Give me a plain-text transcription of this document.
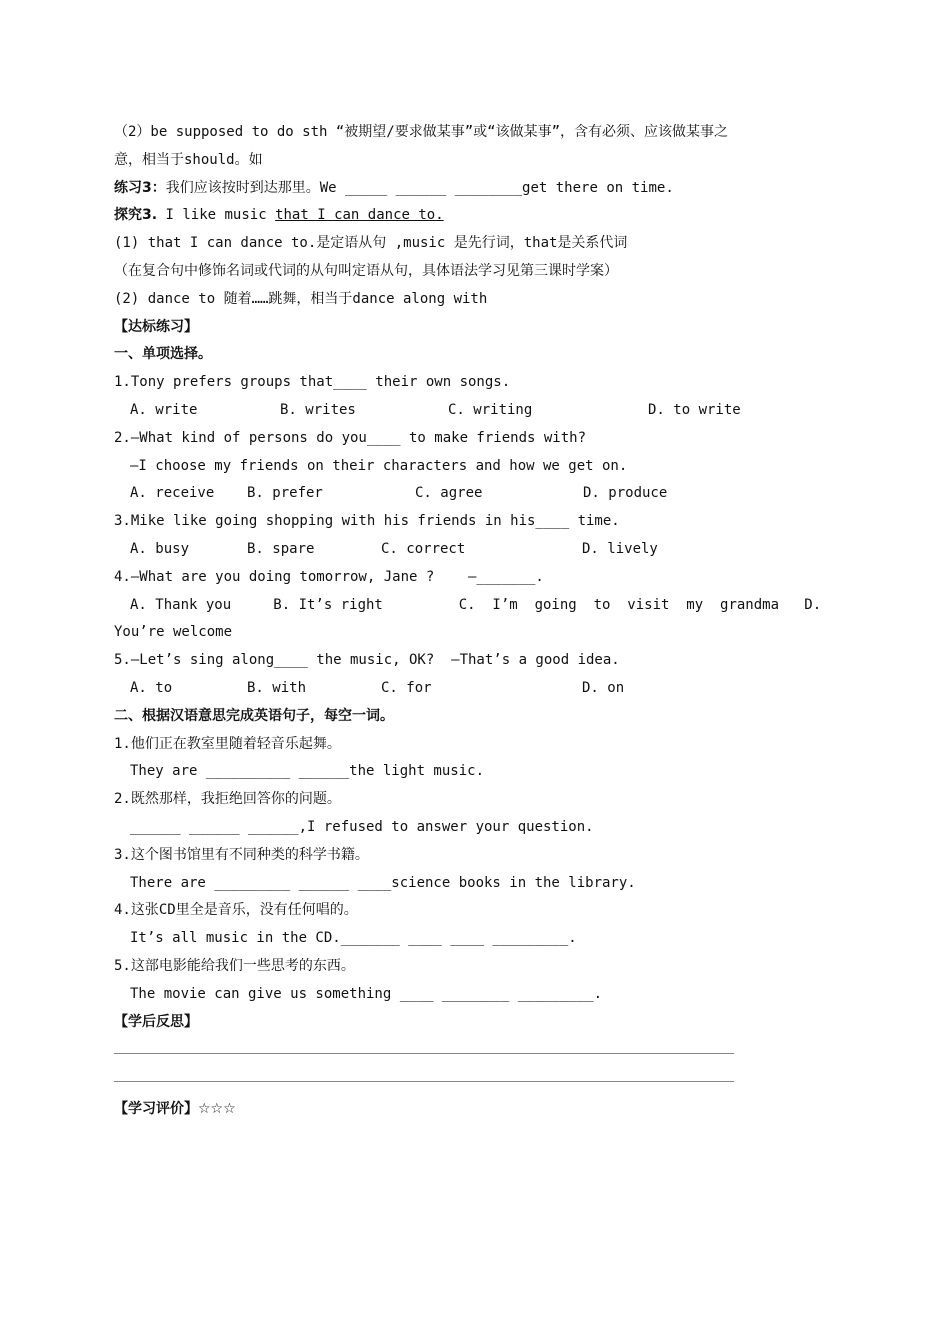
（2）be supposed to do sth “被期望/要求做某事”或“该做某事”，含有必须、应该做某事之
意，相当于should。如
练习3：我们应该按时到达那里。We _____ ______ ________get there on time.
探究3. I like music that I can dance to.
(1) that I can dance to.是定语从句 ,music 是先行词，that是关系代词
（在复合句中修饰名词或代词的从句叫定语从句，具体语法学习见第三课时学案）
(2) dance to 随着……跳舞，相当于dance along with
【达标练习】
一、单项选择。
1.Tony prefers groups that____ their own songs.
A. write	B. writes	C. writing	D. to write
2.—What kind of persons do you____ to make friends with?
—I choose my friends on their characters and how we get on.
A. receive	B. prefer	C. agree	D. produce
3.Mike like going shopping with his friends in his____ time.
A. busy	B. spare	C. correct	D. lively
4.—What are you doing tomorrow, Jane ?    —_______.
A. Thank you     B. It’s right         C.  I’m  going  to  visit  my  grandma   D.
You’re welcome
5.—Let’s sing along____ the music, OK?  —That’s a good idea.
A. to	B. with	C. for	D. on
二、根据汉语意思完成英语句子，每空一词。
1.他们正在教室里随着轻音乐起舞。
They are __________ ______the light music.
2.既然那样，我拒绝回答你的问题。
______ ______ ______,I refused to answer your question.
3.这个图书馆里有不同种类的科学书籍。
There are _________ ______ ____science books in the library.
4.这张CD里全是音乐，没有任何唱的。
It’s all music in the CD._______ ____ ____ _________.
5.这部电影能给我们一些思考的东西。
The movie can give us something ____ ________ _________.
【学后反思】
【学习评价】☆☆☆
